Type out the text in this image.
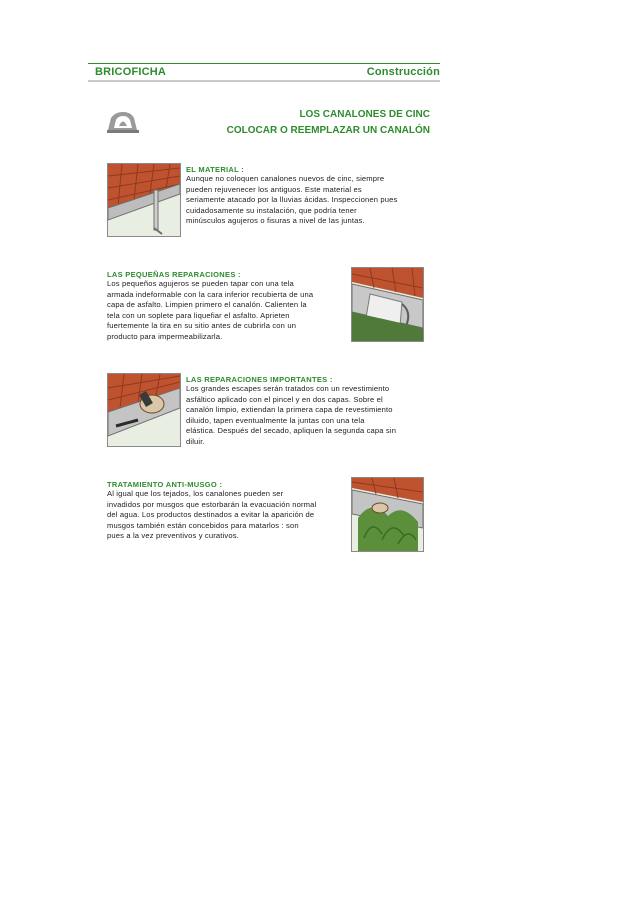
BRICOFICHA	Construcción
LOS CANALONES DE CINC
COLOCAR O REEMPLAZAR UN CANALÓN
EL MATERIAL :
Aunque no coloquen canalones nuevos de cinc, siempre
pueden rejuvenecer los antiguos. Este material es
seriamente atacado por la lluvias ácidas. Inspeccionen pues
cuidadosamente su instalación, que podría tener
minúsculos agujeros o fisuras a nivel de las juntas.
LAS PEQUEÑAS REPARACIONES :
Los pequeños agujeros se pueden tapar con una tela
armada indeformable con la cara inferior recubierta de una
capa de asfalto. Limpien primero el canalón. Calienten la
tela con un soplete para liquefiar el asfalto. Aprieten
fuertemente la tira en su sitio antes de cubrirla con un
producto para impermeabilizarla.
LAS REPARACIONES IMPORTANTES :
Los grandes escapes serán tratados con un revestimiento
asfáltico aplicado con el pincel y en dos capas. Sobre el
canalón limpio, extiendan la primera capa de revestimiento
diluido, tapen eventualmente la juntas con una tela
elástica. Después del secado, apliquen la segunda capa sin
diluir.
TRATAMIENTO ANTI-MUSGO :
Al igual que los tejados, los canalones pueden ser
invadidos por musgos que estorbarán la evacuación normal
del agua. Los productos destinados a evitar la aparición de
musgos también están concebidos para matarlos : son
pues a la vez preventivos y curativos.
